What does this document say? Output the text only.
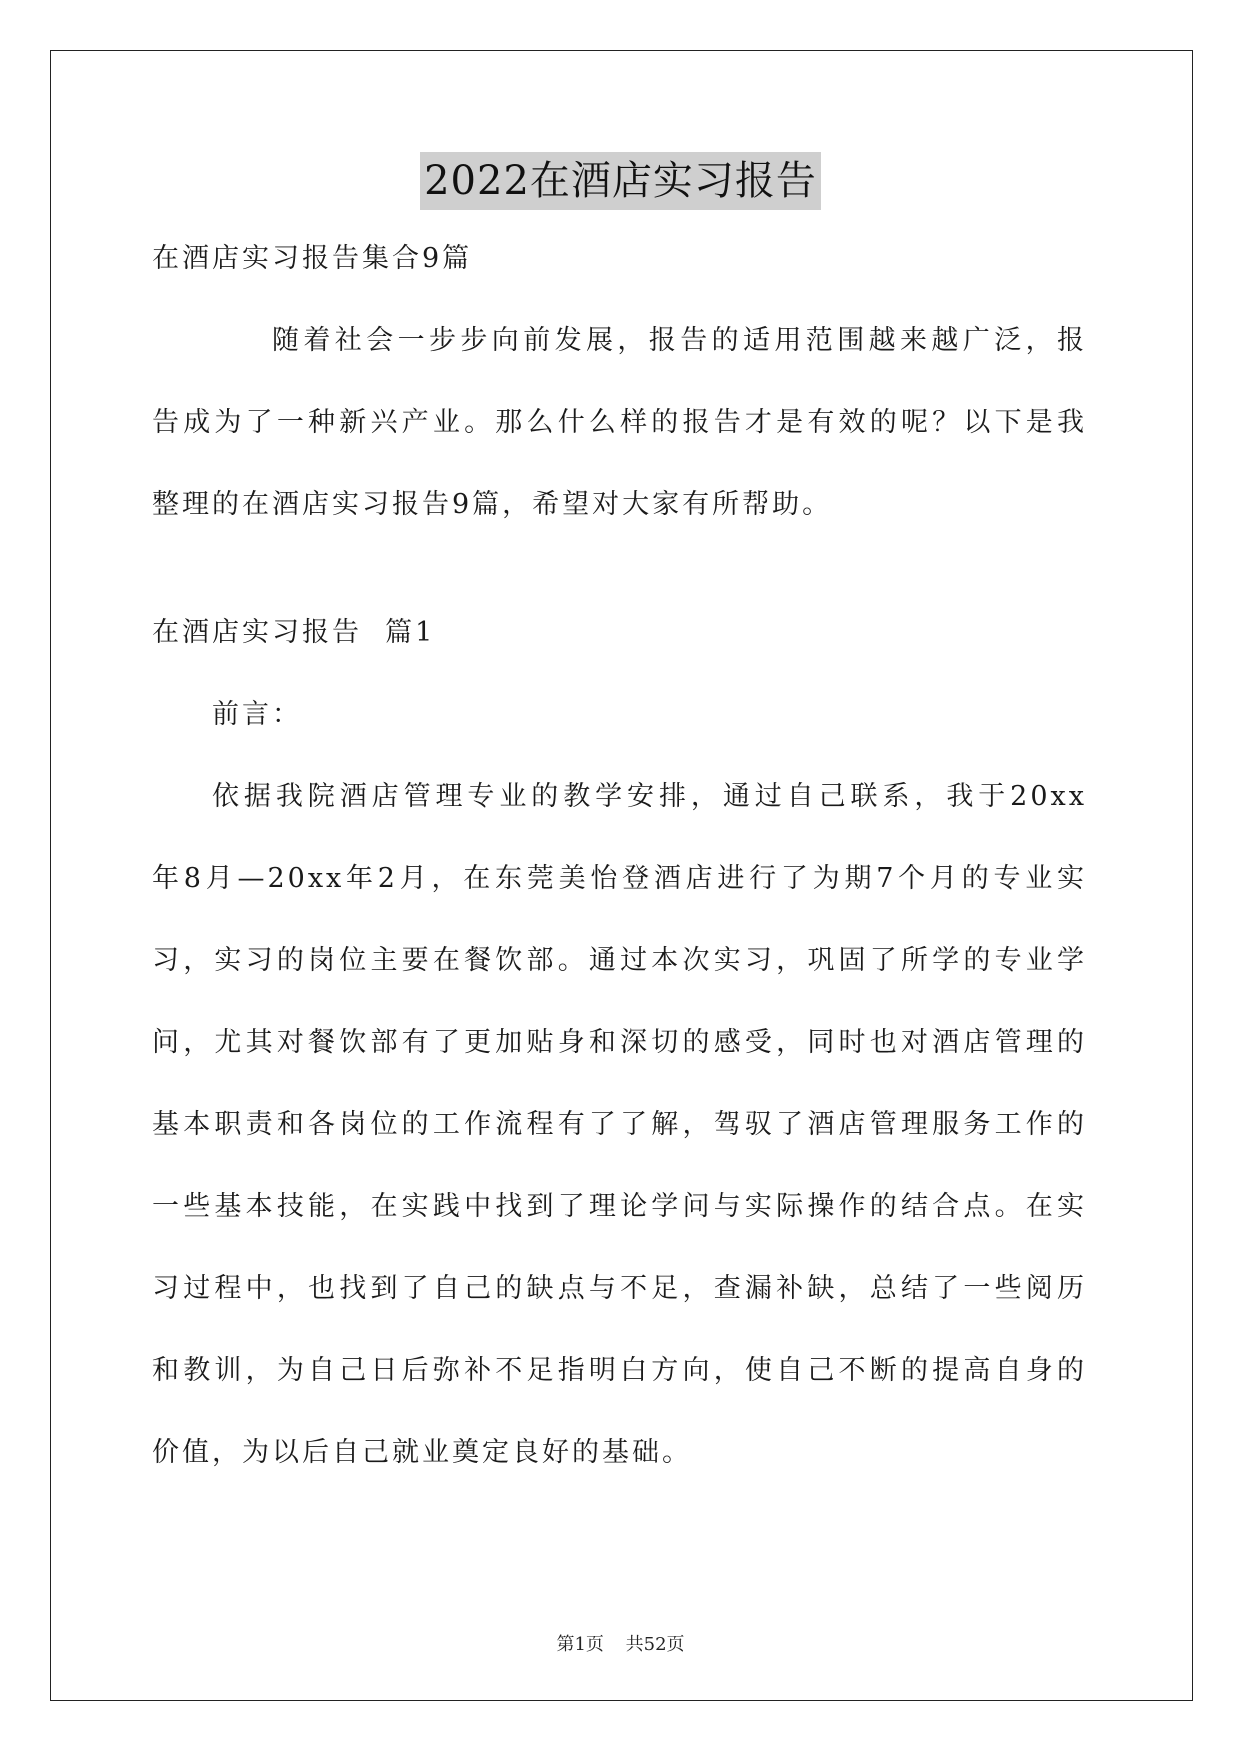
2022在酒店实习报告
在酒店实习报告集合9篇
随着社会一步步向前发展，报告的适用范围越来越广泛，报
告成为了一种新兴产业。那么什么样的报告才是有效的呢？以下是我
整理的在酒店实习报告9篇，希望对大家有所帮助。
在酒店实习报告  篇1
前言：
依据我院酒店管理专业的教学安排，通过自己联系，我于20xx
年8月—20xx年2月，在东莞美怡登酒店进行了为期7个月的专业实
习，实习的岗位主要在餐饮部。通过本次实习，巩固了所学的专业学
问，尤其对餐饮部有了更加贴身和深切的感受，同时也对酒店管理的
基本职责和各岗位的工作流程有了了解，驾驭了酒店管理服务工作的
一些基本技能，在实践中找到了理论学问与实际操作的结合点。在实
习过程中，也找到了自己的缺点与不足，查漏补缺，总结了一些阅历
和教训，为自己日后弥补不足指明白方向，使自己不断的提高自身的
价值，为以后自己就业奠定良好的基础。
第1页 共52页
